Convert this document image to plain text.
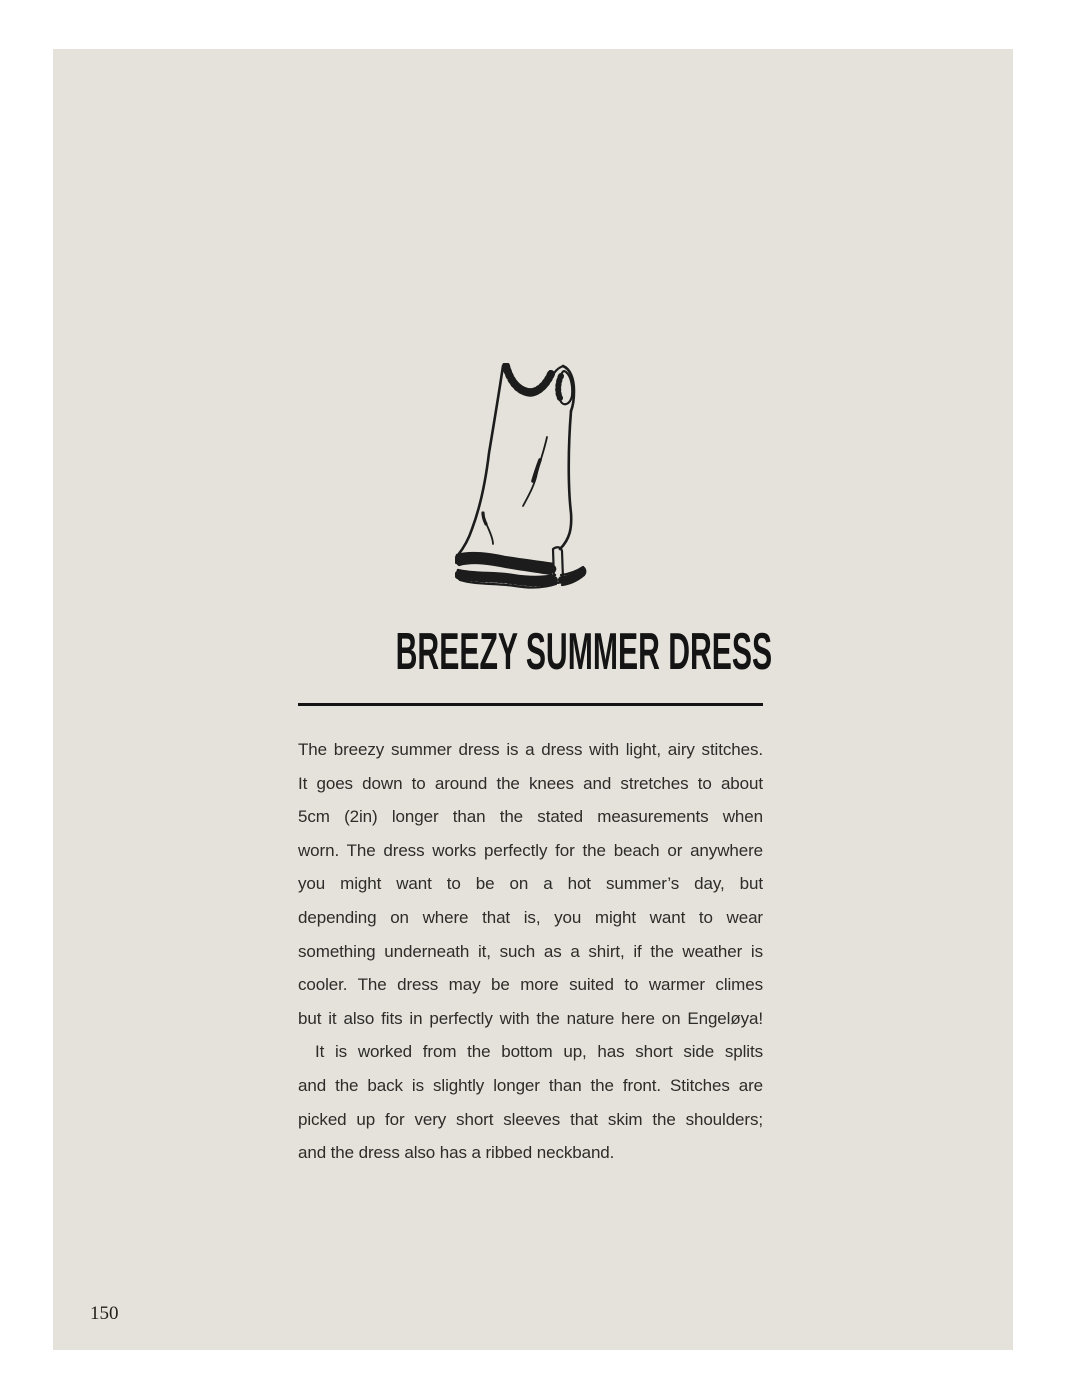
BREEZY SUMMER DRESS
The breezy summer dress is a dress with light, airy stitches.
It goes down to around the knees and stretches to about
5cm (2in) longer than the stated measurements when
worn. The dress works perfectly for the beach or anywhere
you might want to be on a hot summer’s day, but
depending on where that is, you might want to wear
something underneath it, such as a shirt, if the weather is
cooler. The dress may be more suited to warmer climes
but it also fits in perfectly with the nature here on Engeløya!
It is worked from the bottom up, has short side splits
and the back is slightly longer than the front. Stitches are
picked up for very short sleeves that skim the shoulders;
and the dress also has a ribbed neckband.
150
